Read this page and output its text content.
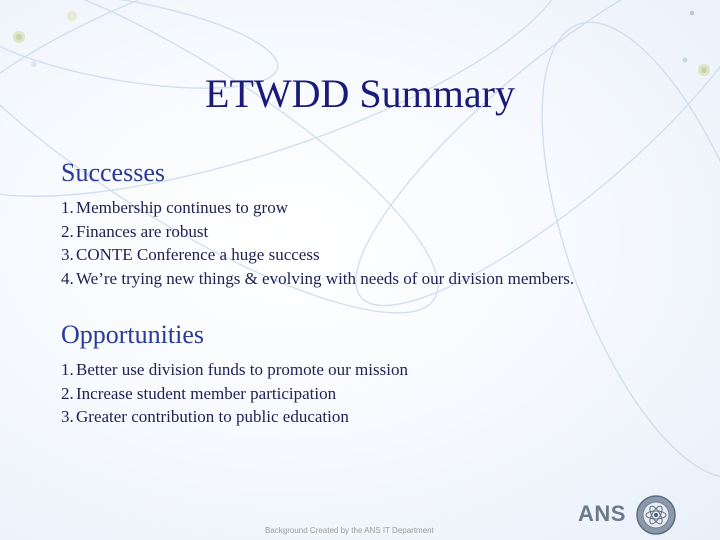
ETWDD Summary
Successes
1. Membership continues to grow
2. Finances are robust
3. CONTE Conference a huge success
4. We’re trying new things & evolving with needs of our division members.
Opportunities
1. Better use division funds to promote our mission
2. Increase student member participation
3. Greater contribution to public education
Background Created by the ANS IT Department
ANS
